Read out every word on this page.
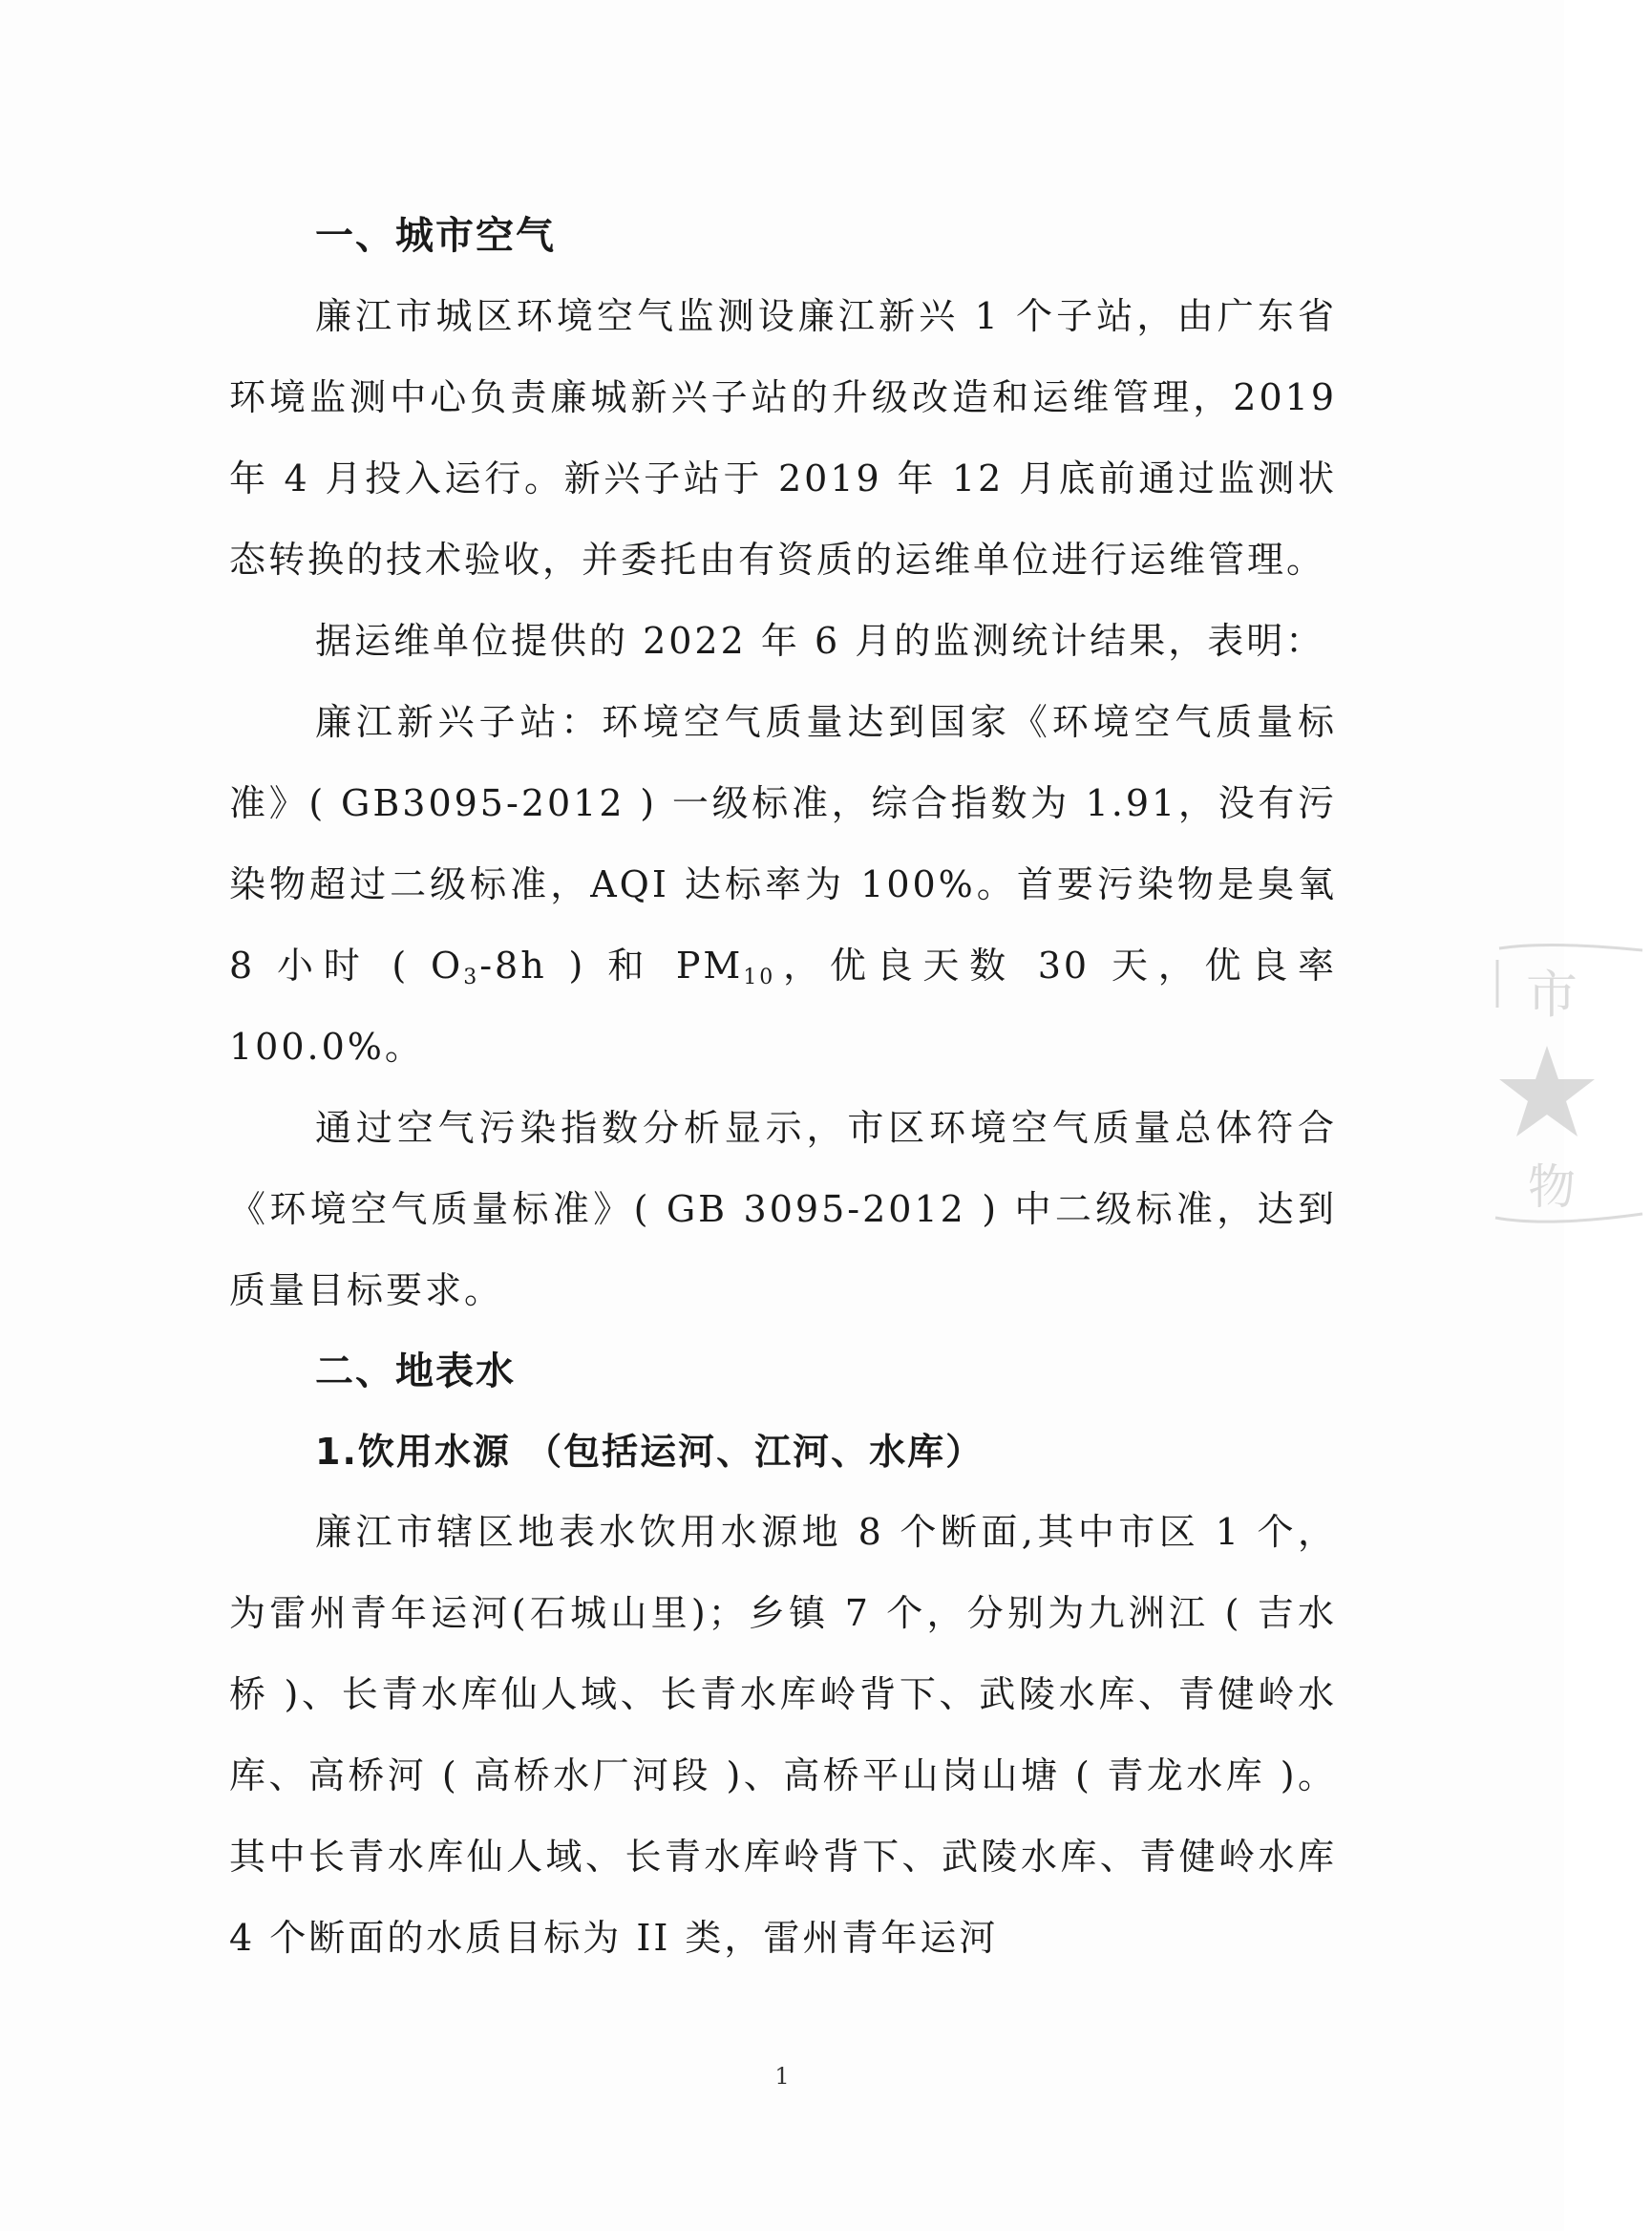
一、城市空气

廉江市城区环境空气监测设廉江新兴 1 个子站，由广东省环境监测中心负责廉城新兴子站的升级改造和运维管理，2019 年 4 月投入运行。新兴子站于 2019 年 12 月底前通过监测状态转换的技术验收，并委托由有资质的运维单位进行运维管理。

据运维单位提供的 2022 年 6 月的监测统计结果，表明：

廉江新兴子站：环境空气质量达到国家《环境空气质量标准》( GB3095-2012 ) 一级标准，综合指数为 1.91，没有污染物超过二级标准，AQI 达标率为 100%。首要污染物是臭氧 8 小时 ( $O_3-8h$ ) 和 $PM_{10}$，优良天数 30 天，优良率 100.0%。

通过空气污染指数分析显示，市区环境空气质量总体符合《环境空气质量标准》( GB 3095-2012 ) 中二级标准，达到质量目标要求。

二、地表水
1.饮用水源 （包括运河、江河、水库）

廉江市辖区地表水饮用水源地 8 个断面,其中市区 1 个，为雷州青年运河(石城山里)；乡镇 7 个，分别为九洲江 ( 吉水桥 )、长青水库仙人域、长青水库岭背下、武陵水库、青健岭水库、高桥河 ( 高桥水厂河段 )、高桥平山岗山塘 ( 青龙水库 )。其中长青水库仙人域、长青水库岭背下、武陵水库、青健岭水库 4 个断面的水质目标为 II 类，雷州青年运河

1
市
物
